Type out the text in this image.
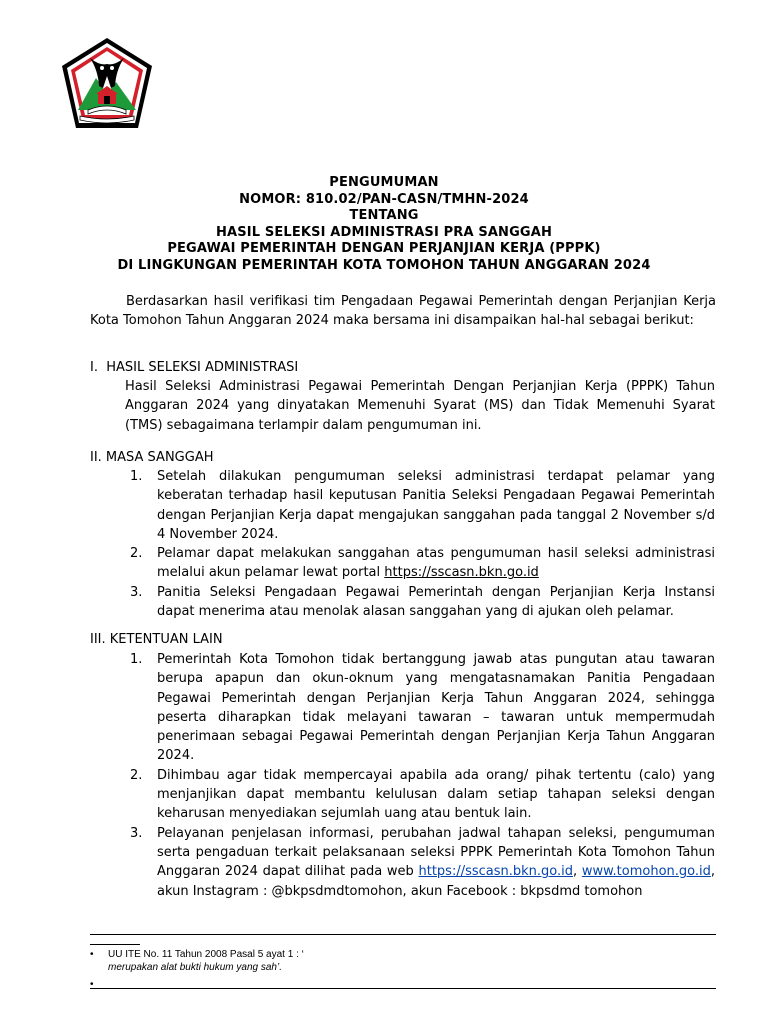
PENGUMUMAN
NOMOR: 810.02/PAN-CASN/TMHN-2024
TENTANG
HASIL SELEKSI ADMINISTRASI PRA SANGGAH
PEGAWAI PEMERINTAH DENGAN PERJANJIAN KERJA (PPPK)
DI LINGKUNGAN PEMERINTAH KOTA TOMOHON TAHUN ANGGARAN 2024
Berdasarkan hasil verifikasi tim Pengadaan Pegawai Pemerintah dengan Perjanjian Kerja Kota Tomohon Tahun Anggaran 2024 maka bersama ini disampaikan hal-hal sebagai berikut:
I.  HASIL SELEKSI ADMINISTRASI
Hasil Seleksi Administrasi Pegawai Pemerintah Dengan Perjanjian Kerja (PPPK) Tahun Anggaran 2024 yang dinyatakan Memenuhi Syarat (MS) dan Tidak Memenuhi Syarat (TMS) sebagaimana terlampir dalam pengumuman ini.
II. MASA SANGGAH
1. Setelah dilakukan pengumuman seleksi administrasi terdapat pelamar yang keberatan terhadap hasil keputusan Panitia Seleksi Pengadaan Pegawai Pemerintah dengan Perjanjian Kerja dapat mengajukan sanggahan pada tanggal 2 November s/d 4 November 2024.
2. Pelamar dapat melakukan sanggahan atas pengumuman hasil seleksi administrasi melalui akun pelamar lewat portal https://sscasn.bkn.go.id
3. Panitia Seleksi Pengadaan Pegawai Pemerintah dengan Perjanjian Kerja Instansi dapat menerima atau menolak alasan sanggahan yang di ajukan oleh pelamar.
III. KETENTUAN LAIN
1. Pemerintah Kota Tomohon tidak bertanggung jawab atas pungutan atau tawaran berupa apapun dan okun-oknum yang mengatasnamakan Panitia Pengadaan Pegawai Pemerintah dengan Perjanjian Kerja Tahun Anggaran 2024, sehingga peserta diharapkan tidak melayani tawaran – tawaran untuk mempermudah penerimaan sebagai Pegawai Pemerintah dengan Perjanjian Kerja Tahun Anggaran 2024.
2. Dihimbau agar tidak mempercayai apabila ada orang/ pihak tertentu (calo) yang menjanjikan dapat membantu kelulusan dalam setiap tahapan seleksi dengan keharusan menyediakan sejumlah uang atau bentuk lain.
3. Pelayanan penjelasan informasi, perubahan jadwal tahapan seleksi, pengumuman serta pengaduan terkait pelaksanaan seleksi PPPK Pemerintah Kota Tomohon Tahun Anggaran 2024 dapat dilihat pada web https://sscasn.bkn.go.id, www.tomohon.go.id, akun Instagram : @bkpsdmdtomohon, akun Facebook : bkpsdmd tomohon
•	UU ITE No. 11 Tahun 2008 Pasal 5 ayat 1 : ‘
merupakan alat bukti hukum yang sah’.
•
